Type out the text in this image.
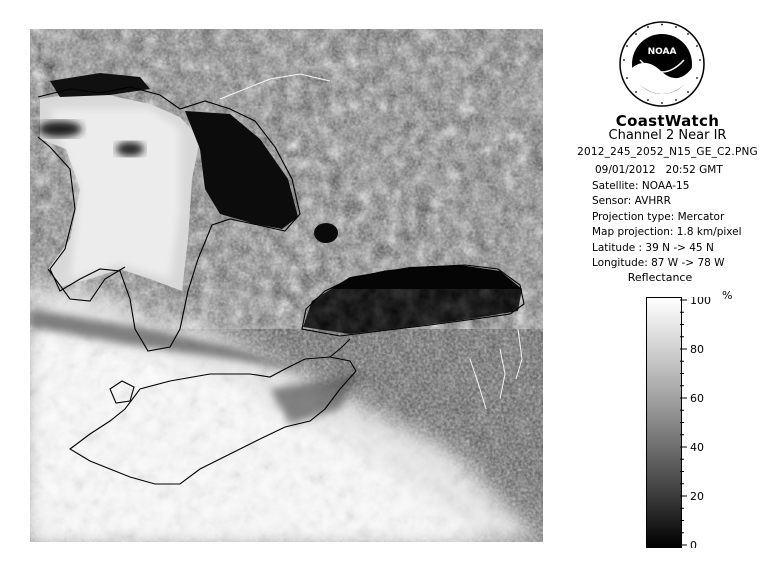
NOAA
CoastWatch
Channel 2 Near IR
2012_245_2052_N15_GE_C2.PNG
09/01/2012 20:52 GMT
Satellite: NOAA-15
Sensor: AVHRR
Projection type: Mercator
Map projection: 1.8 km/pixel
Latitude : 39 N -> 45 N
Longitude: 87 W -> 78 W
Reflectance
%
100
80
60
40
20
0
